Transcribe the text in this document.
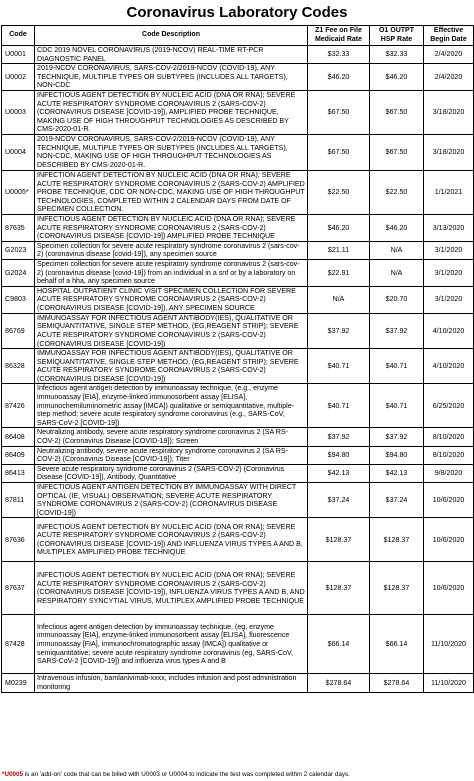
Coronavirus Laboratory Codes
Code	Code Description	Z1 Fee on File Medicaid Rate	O1 OUTPT HSP Rate	Effective Begin Date
U0001	CDC 2019 NOVEL CORONAVIRUS (2019-NCOV) REAL-TIME RT-PCR DIAGNOSTIC PANEL	$32.33	$32.33	2/4/2020
U0002	2019-NCOV CORONAVIRUS, SARS-COV-2/2019-NCOV (COVID-19), ANY TECHNIQUE, MULTIPLE TYPES OR SUBTYPES (INCLUDES ALL TARGETS), NON-CDC	$46.20	$46.20	2/4/2020
U0003	INFECTIOUS AGENT DETECTION BY NUCLEIC ACID (DNA OR RNA); SEVERE ACUTE RESPIRATORY SYNDROME CORONAVIRUS 2 (SARS-COV-2) (CORONAVIRUS DISEASE [COVID-19]), AMPLIFIED PROBE TECHNIQUE, MAKING USE OF HIGH THROUGHPUT TECHNOLOGIES AS DESCRIBED BY CMS-2020-01-R.	$67.50	$67.50	3/18/2020
U0004	2019-NCOV CORONAVIRUS, SARS-COV-2/2019-NCOV (COVID-19), ANY TECHNIQUE, MULTIPLE TYPES OR SUBTYPES (INCLUDES ALL TARGETS), NON-CDC, MAKING USE OF HIGH THROUGHPUT TECHNOLOGIES AS DESCRIBED BY CMS-2020-01-R.	$67.50	$67.50	3/18/2020
U0005*	INFECTION AGENT DETECTION BY NUCLEIC ACID (DNA OR RNA); SEVERE ACUTE RESPIRATORY SYNDROME CORONAVIRUS 2 (SARS-COV-2) AMPLIFIED PROBE TECHNIQUE, CDC OR NON-CDC, MAKING USE OF HIGH THROUGHPUT TECHNOLOGIES, COMPLETED WITHIN 2 CALENDAR DAYS FROM DATE OF SPECIMEN COLLECTION.	$22.50	$22.50	1/1/2021
87635	INFECTIOUS AGENT DETECTION BY NUCLEIC ACID (DNA OR RNA); SEVERE ACUTE RESPIRATORY SYNDROME CORONAVIRUS 2 (SARS-COV-2) (CORONAVIRUS DISEASE [COVID-19]) AMPLIFIED PROBE TECHNIQUE	$46.20	$46.20	3/13/2020
G2023	Specimen collection for severe acute respiratory syndrome coronavirus 2 (sars-cov-2) (coronavirus disease [covid-19]), any specimen source	$21.11	N/A	3/1/2020
G2024	Specimen collection for severe acute respiratory syndrome coronavirus 2 (sars-cov-2) (coronavirus disease [covid-19]) from an individual in a snf or by a laboratory on behalf of a hha, any specimen source	$22.91	N/A	3/1/2020
C9803	HOSPITAL OUTPATIENT CLINIC VISIT SPECIMEN COLLECTION FOR SEVERE ACUTE RESPIRATORY SYNDROME CORONAVIRUS 2 (SARS-COV-2) (CORONAVIRUS DISEASE [COVID-19]), ANY SPECIMEN SOURCE	N/A	$20.70	3/1/2020
86769	IMMUNOASSAY FOR INFECTIOUS AGENT ANTIBODY(IES), QUALITATIVE OR SEMIQUANTITATIVE, SINGLE STEP METHOD, (EG,REAGENT STRIP); SEVERE ACUTE RESPIRATORY SYNDROME CORONAVIRUS 2 (SARS-COV-2) (CORONAVIRUS DISEASE [COVID-19])	$37.92	$37.92	4/10/2020
86328	IMMUNOASSAY FOR INFECTIOUS AGENT ANTIBODY(IES), QUALITATIVE OR SEMIQUANTITATIVE, SINGLE STEP METHOD, (EG,REAGENT STRIP); SEVERE ACUTE RESPIRATORY SYNDROME CORONAVIRUS 2 (SARS-COV-2) (CORONAVIRUS DISEASE [COVID-19])	$40.71	$40.71	4/10/2020
87426	Infectious agent antigen detection by immunoassay technique, (e.g., enzyme immunoassay [EIA], enzyme-linked immunosorbent assay [ELISA], immunochemiluminometric assay [IMCA]) qualitative or semiquantitative, multiple-step method; severe acute respiratory syndrome coronavirus (e.g., SARS-CoV, SARS-CoV-2 [COVID-19])	$40.71	$40.71	6/25/2020
86408	Neutralizing antibody, severe acute respiratory syndrome coronavirus 2 (SA RS-COV-2) (Coronavirus Disease [COVID-19]); Screen	$37.92	$37.92	8/10/2020
86409	Neutralizing antibody, severe acute respiratory syndrome coronavirus 2 (SA RS-COV-2) (Coronavirus Disease [COVID-19]); Titer	$94.80	$94.80	8/10/2020
86413	Severe acute respiratory syndrome coronavirus 2 (SARS-COV-2) (Coronavirus Disease [COVID-19]), Antibody, Quantitative	$42.13	$42.13	9/8/2020
87811	INFECTIOUS AGENT ANTIGEN DETECTION BY IMMUNOASSAY WITH DIRECT OPTICAL (IE, VISUAL) OBSERVATION; SEVERE ACUTE RESPIRATORY SYNDROME CORONAVIRUS 2 (SARS-COV-2) (CORONAVIRUS DISEASE [COVID-19])	$37.24	$37.24	10/6/2020
87636	INFECTIOUS AGENT DETECTION BY NUCLEIC ACID (DNA OR RNA); SEVERE ACUTE RESPIRATORY SYNDROME CORONAVIRUS 2 (SARS-COV-2) (CORONAVIRUS DISEASE [COVID-19]) AND INFLUENZA VIRUS TYPES A AND B, MULTIPLEX AMPLIFIED PROBE TECHNIQUE	$128.37	$128.37	10/6/2020
87637	INFECTIOUS AGENT DETECTION BY NUCLEIC ACID (DNA OR RNA); SEVERE ACUTE RESPIRATORY SYNDROME CORONAVIRUS 2 (SARS-COV-2) (CORONAVIRUS DISEASE [COVID-19]), INFLUENZA VIRUS TYPES A AND B, AND RESPIRATORY SYNCYTIAL VIRUS, MULTIPLEX AMPLIFIED PROBE TECHNIQUE	$128.37	$128.37	10/6/2020
87428	Infectious agent antigen detection by immunoassay technique, (eg, enzyme immunoassay [EIA], enzyme-linked immunosorbent assay [ELISA], fluorescence immunoassay [FIA], immunochromatographic assay [IMCA]) qualitative or semiquantitative; severe acute respiratory syndrome coronavirus (eg, SARS-CoV, SARS-CoV-2 [COVID-19]) and influenza virus types A and B	$66.14	$66.14	11/10/2020
M0239	Intravenous infusion, bamlanivimab-xxxx, includes infusion and post administration monitoring	$278.64	$278.64	11/10/2020
*U0005 is an 'add-on' code that can be billed with U0003 or U0004 to indicate the test was completed within 2 calendar days.
